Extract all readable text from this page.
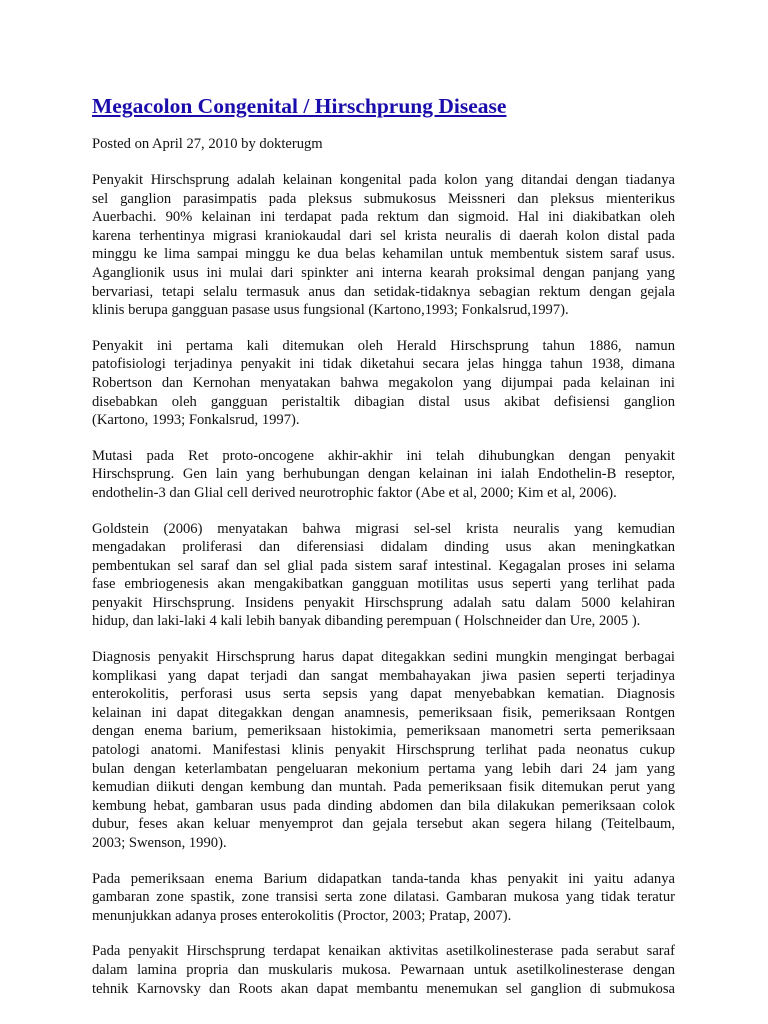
Megacolon Congenital / Hirschprung Disease
Posted on April 27, 2010 by dokterugm
Penyakit Hirschsprung adalah kelainan kongenital pada kolon yang ditandai dengan tiadanya
sel ganglion parasimpatis pada pleksus submukosus Meissneri dan pleksus mienterikus
Auerbachi. 90% kelainan ini terdapat pada rektum dan sigmoid. Hal ini diakibatkan oleh
karena terhentinya migrasi kraniokaudal dari sel krista neuralis di daerah kolon distal pada
minggu ke lima sampai minggu ke dua belas kehamilan untuk membentuk sistem saraf usus.
Aganglionik usus ini mulai dari spinkter ani interna kearah proksimal dengan panjang yang
bervariasi, tetapi selalu termasuk anus dan setidak-tidaknya sebagian rektum dengan gejala
klinis berupa gangguan pasase usus fungsional (Kartono,1993; Fonkalsrud,1997).
Penyakit ini pertama kali ditemukan oleh Herald Hirschsprung tahun 1886, namun
patofisiologi terjadinya penyakit ini tidak diketahui secara jelas hingga tahun 1938, dimana
Robertson dan Kernohan menyatakan bahwa megakolon yang dijumpai pada kelainan ini
disebabkan oleh gangguan peristaltik dibagian distal usus akibat defisiensi ganglion
(Kartono, 1993; Fonkalsrud, 1997).
Mutasi pada Ret proto-oncogene akhir-akhir ini telah dihubungkan dengan penyakit
Hirschsprung. Gen lain yang berhubungan dengan kelainan ini ialah Endothelin-B reseptor,
endothelin-3 dan Glial cell derived neurotrophic faktor (Abe et al, 2000; Kim et al, 2006).
Goldstein (2006) menyatakan bahwa migrasi sel-sel krista neuralis yang kemudian
mengadakan proliferasi dan diferensiasi didalam dinding usus akan meningkatkan
pembentukan sel saraf dan sel glial pada sistem saraf intestinal. Kegagalan proses ini selama
fase embriogenesis akan mengakibatkan gangguan motilitas usus seperti yang terlihat pada
penyakit Hirschsprung. Insidens penyakit Hirschsprung adalah satu dalam 5000 kelahiran
hidup, dan laki-laki 4 kali lebih banyak dibanding perempuan ( Holschneider dan Ure, 2005 ).
Diagnosis penyakit Hirschsprung harus dapat ditegakkan sedini mungkin mengingat berbagai
komplikasi yang dapat terjadi dan sangat membahayakan jiwa pasien seperti terjadinya
enterokolitis, perforasi usus serta sepsis yang dapat menyebabkan kematian. Diagnosis
kelainan ini dapat ditegakkan dengan anamnesis, pemeriksaan fisik, pemeriksaan Rontgen
dengan enema barium, pemeriksaan histokimia, pemeriksaan manometri serta pemeriksaan
patologi anatomi. Manifestasi klinis penyakit Hirschsprung terlihat pada neonatus cukup
bulan dengan keterlambatan pengeluaran mekonium pertama yang lebih dari 24 jam yang
kemudian diikuti dengan kembung dan muntah. Pada pemeriksaan fisik ditemukan perut yang
kembung hebat, gambaran usus pada dinding abdomen dan bila dilakukan pemeriksaan colok
dubur, feses akan keluar menyemprot dan gejala tersebut akan segera hilang (Teitelbaum,
2003; Swenson, 1990).
Pada pemeriksaan enema Barium didapatkan tanda-tanda khas penyakit ini yaitu adanya
gambaran zone spastik, zone transisi serta zone dilatasi. Gambaran mukosa yang tidak teratur
menunjukkan adanya proses enterokolitis (Proctor, 2003; Pratap, 2007).
Pada penyakit Hirschsprung terdapat kenaikan aktivitas asetilkolinesterase pada serabut saraf
dalam lamina propria dan muskularis mukosa. Pewarnaan untuk asetilkolinesterase dengan
tehnik Karnovsky dan Roots akan dapat membantu menemukan sel ganglion di submukosa
